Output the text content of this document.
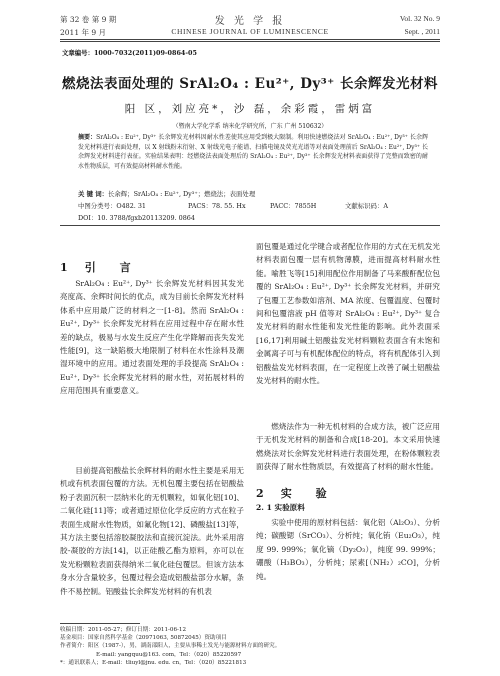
第 32 卷 第 9 期
2011 年 9 月
发 光 学 报
CHINESE JOURNAL OF LUMINESCENCE
Vol. 32 No. 9
Sept. , 2011
文章编号：1000-7032(2011)09-0864-05
燃烧法表面处理的 SrAl₂O₄ : Eu²⁺, Dy³⁺ 长余辉发光材料
阳 区，刘应亮*，沙 磊，余彩霞，雷炳富
（暨南大学化学系 纳米化学研究所，广东 广州 510632）
摘要：SrAl₂O₄ : Eu²⁺, Dy³⁺ 长余辉发光材料因耐水性差使其应用受到极大限制。利用快速燃烧法对 SrAl₂O₄ : Eu²⁺, Dy³⁺ 长余辉发光材料进行表面处理，以 X 射线粉末衍射、X 射线光电子能谱、扫描电镜及荧光光谱等对表面处理前后 SrAl₂O₄ : Eu²⁺, Dy³⁺ 长余辉发光材料进行表征。实验结果表明：经燃烧法表面处理后的 SrAl₂O₄ : Eu²⁺, Dy³⁺ 长余辉发光材料表面获得了完整而致密的耐水性物质层，可有效提高材料耐水性能。
关 键 词：长余辉；SrAl₂O₄ : Eu²⁺, Dy³⁺；燃烧法；表面处理
中图分类号：O482. 31	PACS：78. 55. Hx	PACC：7855H	文献标识码：A
DOI：10. 3788/fgxb20113209. 0864
1 引 言
SrAl₂O₄ : Eu²⁺, Dy³⁺ 长余辉发光材料因其发光亮度高、余辉时间长的优点，成为目前长余辉发光材料体系中应用最广泛的材料之一[1-8]。然而 SrAl₂O₄ : Eu²⁺, Dy³⁺ 长余辉发光材料在应用过程中存在耐水性差的缺点，极易与水发生反应产生化学降解而丧失发光性能[9]，这一缺陷极大地限制了材料在水性涂料及潮湿环境中的应用。通过表面处理的手段提高 SrAl₂O₄ : Eu²⁺, Dy³⁺ 长余辉发光材料的耐水性，对拓展材料的应用范围具有重要意义。
目前提高铝酸盐长余辉材料的耐水性主要是采用无机或有机表面包覆的方法。无机包覆主要包括在铝酸盐粉子表面沉积一层纳米化的无机颗粒，如氧化铝[10]、二氧化硅[11]等；或者通过原位化学反应的方式在粒子表面生成耐水性物质，如氟化物[12]、磷酸盐[13]等，其方法主要包括溶胶凝胶法和直接沉淀法。此外采用溶胶-凝胶的方法[14]，以正硅酸乙酯为原料，亦可以在发光粉颗粒表面获得纳米二氧化硅包覆层。但该方法本身水分含量较多，包覆过程会造成铝酸盐部分水解，条件不易控制。铝酸盐长余辉发光材料的有机表
面包覆是通过化学键合或者配位作用的方式在无机发光材料表面包覆一层有机物薄膜，进而提高材料耐水性能。喻胜飞等[15]利用配位作用制备了马来酸酐配位包覆的 SrAl₂O₄ : Eu²⁺, Dy³⁺ 长余辉发光材料，并研究了包覆工艺参数如溶剂、MA 浓度、包覆温度、包覆时间和包覆溶液 pH 值等对 SrAl₂O₄ : Eu²⁺, Dy³⁺ 复合发光材料的耐水性能和发光性能的影响。此外表面采[16,17]利用碱土铝酸盐发光材料颗粒表面含有未饱和金属离子可与有机配体配位的特点，将有机配体引入到铝酸盐发光材料表面，在一定程度上改善了碱土铝酸盐发光材料的耐水性。
燃烧法作为一种无机材料的合成方法，被广泛应用于无机发光材料的制备和合成[18-20]。本文采用快速燃烧法对长余辉发光材料进行表面处理，在粉体颗粒表面获得了耐水性物质层，有效提高了材料的耐水性能。
2 实 验
2. 1 实验原料
实验中使用的原材料包括：氧化铝（Al₂O₃）、分析纯；碳酸锶（SrCO₃）、分析纯；氧化铕（Eu₂O₃），纯度 99. 999%；氧化镝（Dy₂O₃），纯度 99. 999%；硼酸（H₃BO₃），分析纯；尿素[（NH₂）₂CO]，分析纯。
收稿日期：2011-05-27；修订日期：2011-06-12
基金项目：国家自然科学基金（20971063, 50872045）资助项目
作者简介：阳区（1987-），男，湖南邵阳人，主要从事稀土发光与能源材料方面的研究。
E-mail: yangquu@163. com，Tel：（020）85220597
*：通讯联系人；E-mail：tliuyl@jnu. edu. cn，Tel：（020）85221813
